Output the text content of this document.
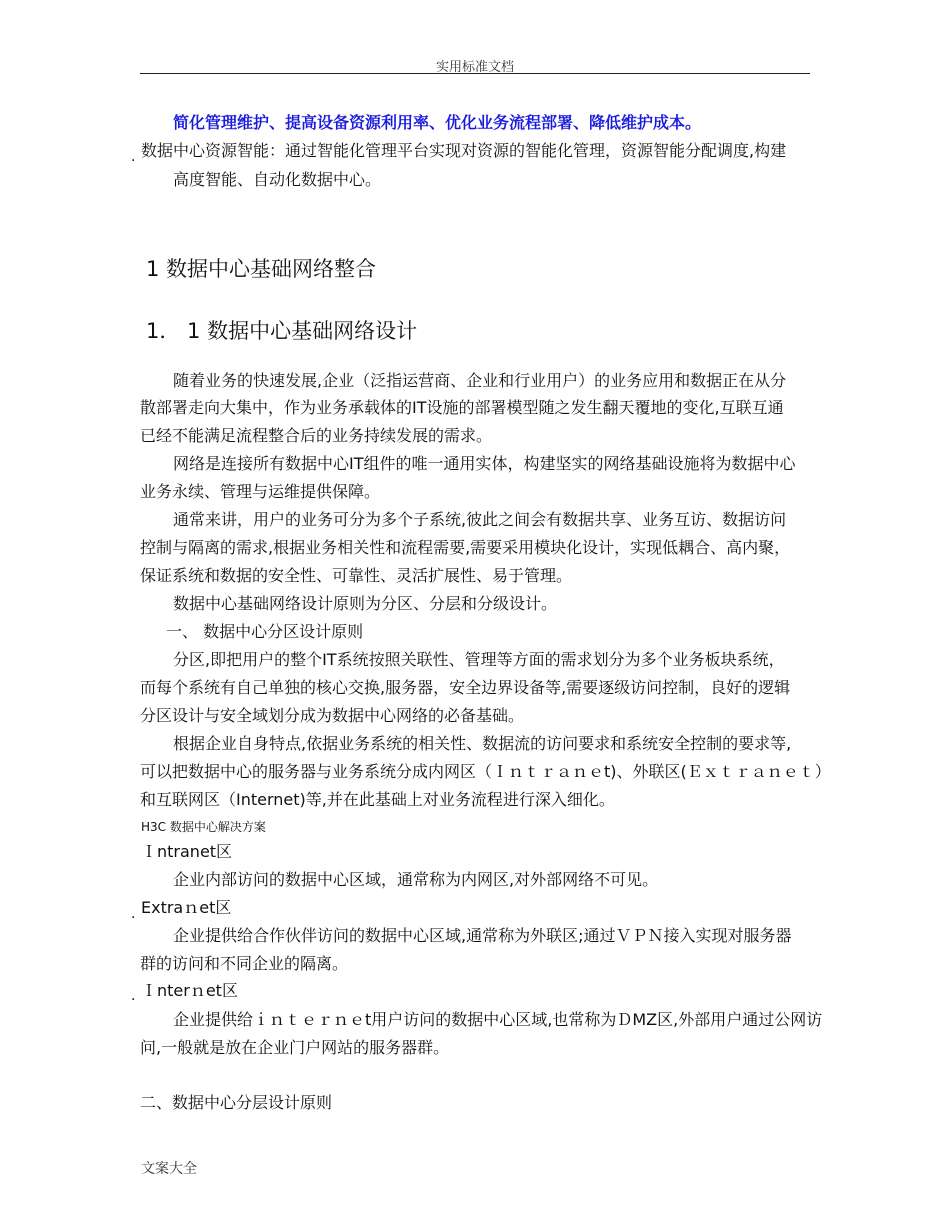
实用标准文档
简化管理维护、提高设备资源利用率、优化业务流程部署、降低维护成本。
. 数据中心资源智能：通过智能化管理平台实现对资源的智能化管理，资源智能分配调度,构建
高度智能、自动化数据中心。
1 数据中心基础网络整合
1． 1 数据中心基础网络设计
随着业务的快速发展,企业（泛指运营商、企业和行业用户）的业务应用和数据正在从分
散部署走向大集中，作为业务承载体的IT设施的部署模型随之发生翻天覆地的变化,互联互通
已经不能满足流程整合后的业务持续发展的需求。
网络是连接所有数据中心IT组件的唯一通用实体，构建坚实的网络基础设施将为数据中心
业务永续、管理与运维提供保障。
通常来讲，用户的业务可分为多个子系统,彼此之间会有数据共享、业务互访、数据访问
控制与隔离的需求,根据业务相关性和流程需要,需要采用模块化设计，实现低耦合、高内聚，
保证系统和数据的安全性、可靠性、灵活扩展性、易于管理。
数据中心基础网络设计原则为分区、分层和分级设计。
一、 数据中心分区设计原则
分区,即把用户的整个IT系统按照关联性、管理等方面的需求划分为多个业务板块系统，
而每个系统有自己单独的核心交换,服务器，安全边界设备等,需要逐级访问控制，良好的逻辑
分区设计与安全域划分成为数据中心网络的必备基础。
根据企业自身特点,依据业务系统的相关性、数据流的访问要求和系统安全控制的要求等,
可以把数据中心的服务器与业务系统分成内网区（Ｉｎｔｒａｎｅt)、外联区(Ｅｘｔｒａｎｅｔ）
和互联网区（Internet)等,并在此基础上对业务流程进行深入细化。
H3C 数据中心解决方案
Ｉntranet区
企业内部访问的数据中心区域，通常称为内网区,对外部网络不可见。
. Extraｎet区
企业提供给合作伙伴访问的数据中心区域,通常称为外联区;通过ＶＰＮ接入实现对服务器
群的访问和不同企业的隔离。
. Ｉnterｎet区
企业提供给ｉｎｔｅｒｎｅt用户访问的数据中心区域,也常称为ＤMZ区,外部用户通过公网访
问,一般就是放在企业门户网站的服务器群。
二、数据中心分层设计原则
文案大全
